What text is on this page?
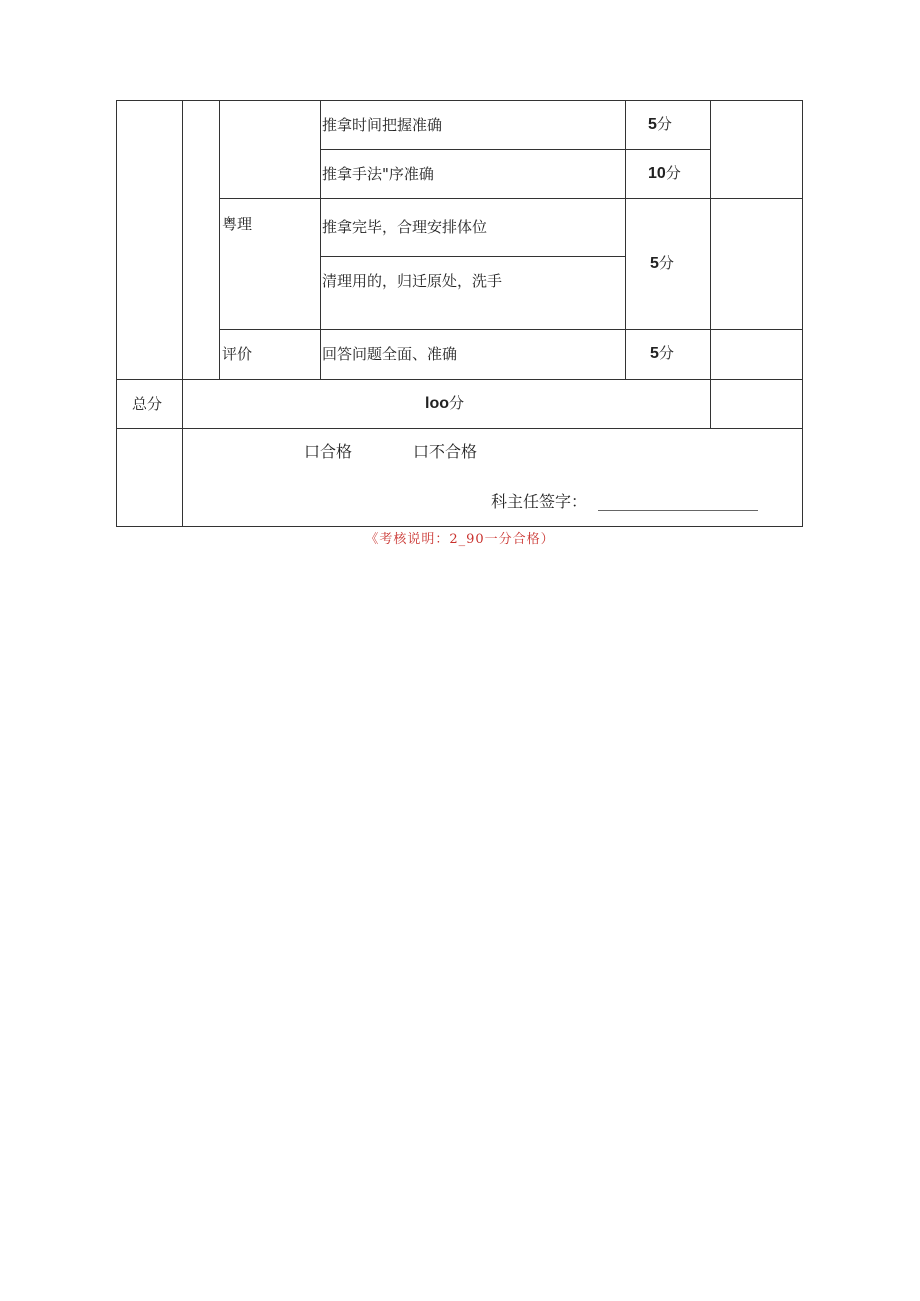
推拿时间把握准确	5分
推拿手法"序准确	10分
粤理	推拿完毕，合理安排体位
清理用的，归迁原处，洗手
5分
评价	回答问题全面、准确	5分
总分	loo分
口合格	口不合格
科主任签字：
《考核说明：2_90一分合格）
